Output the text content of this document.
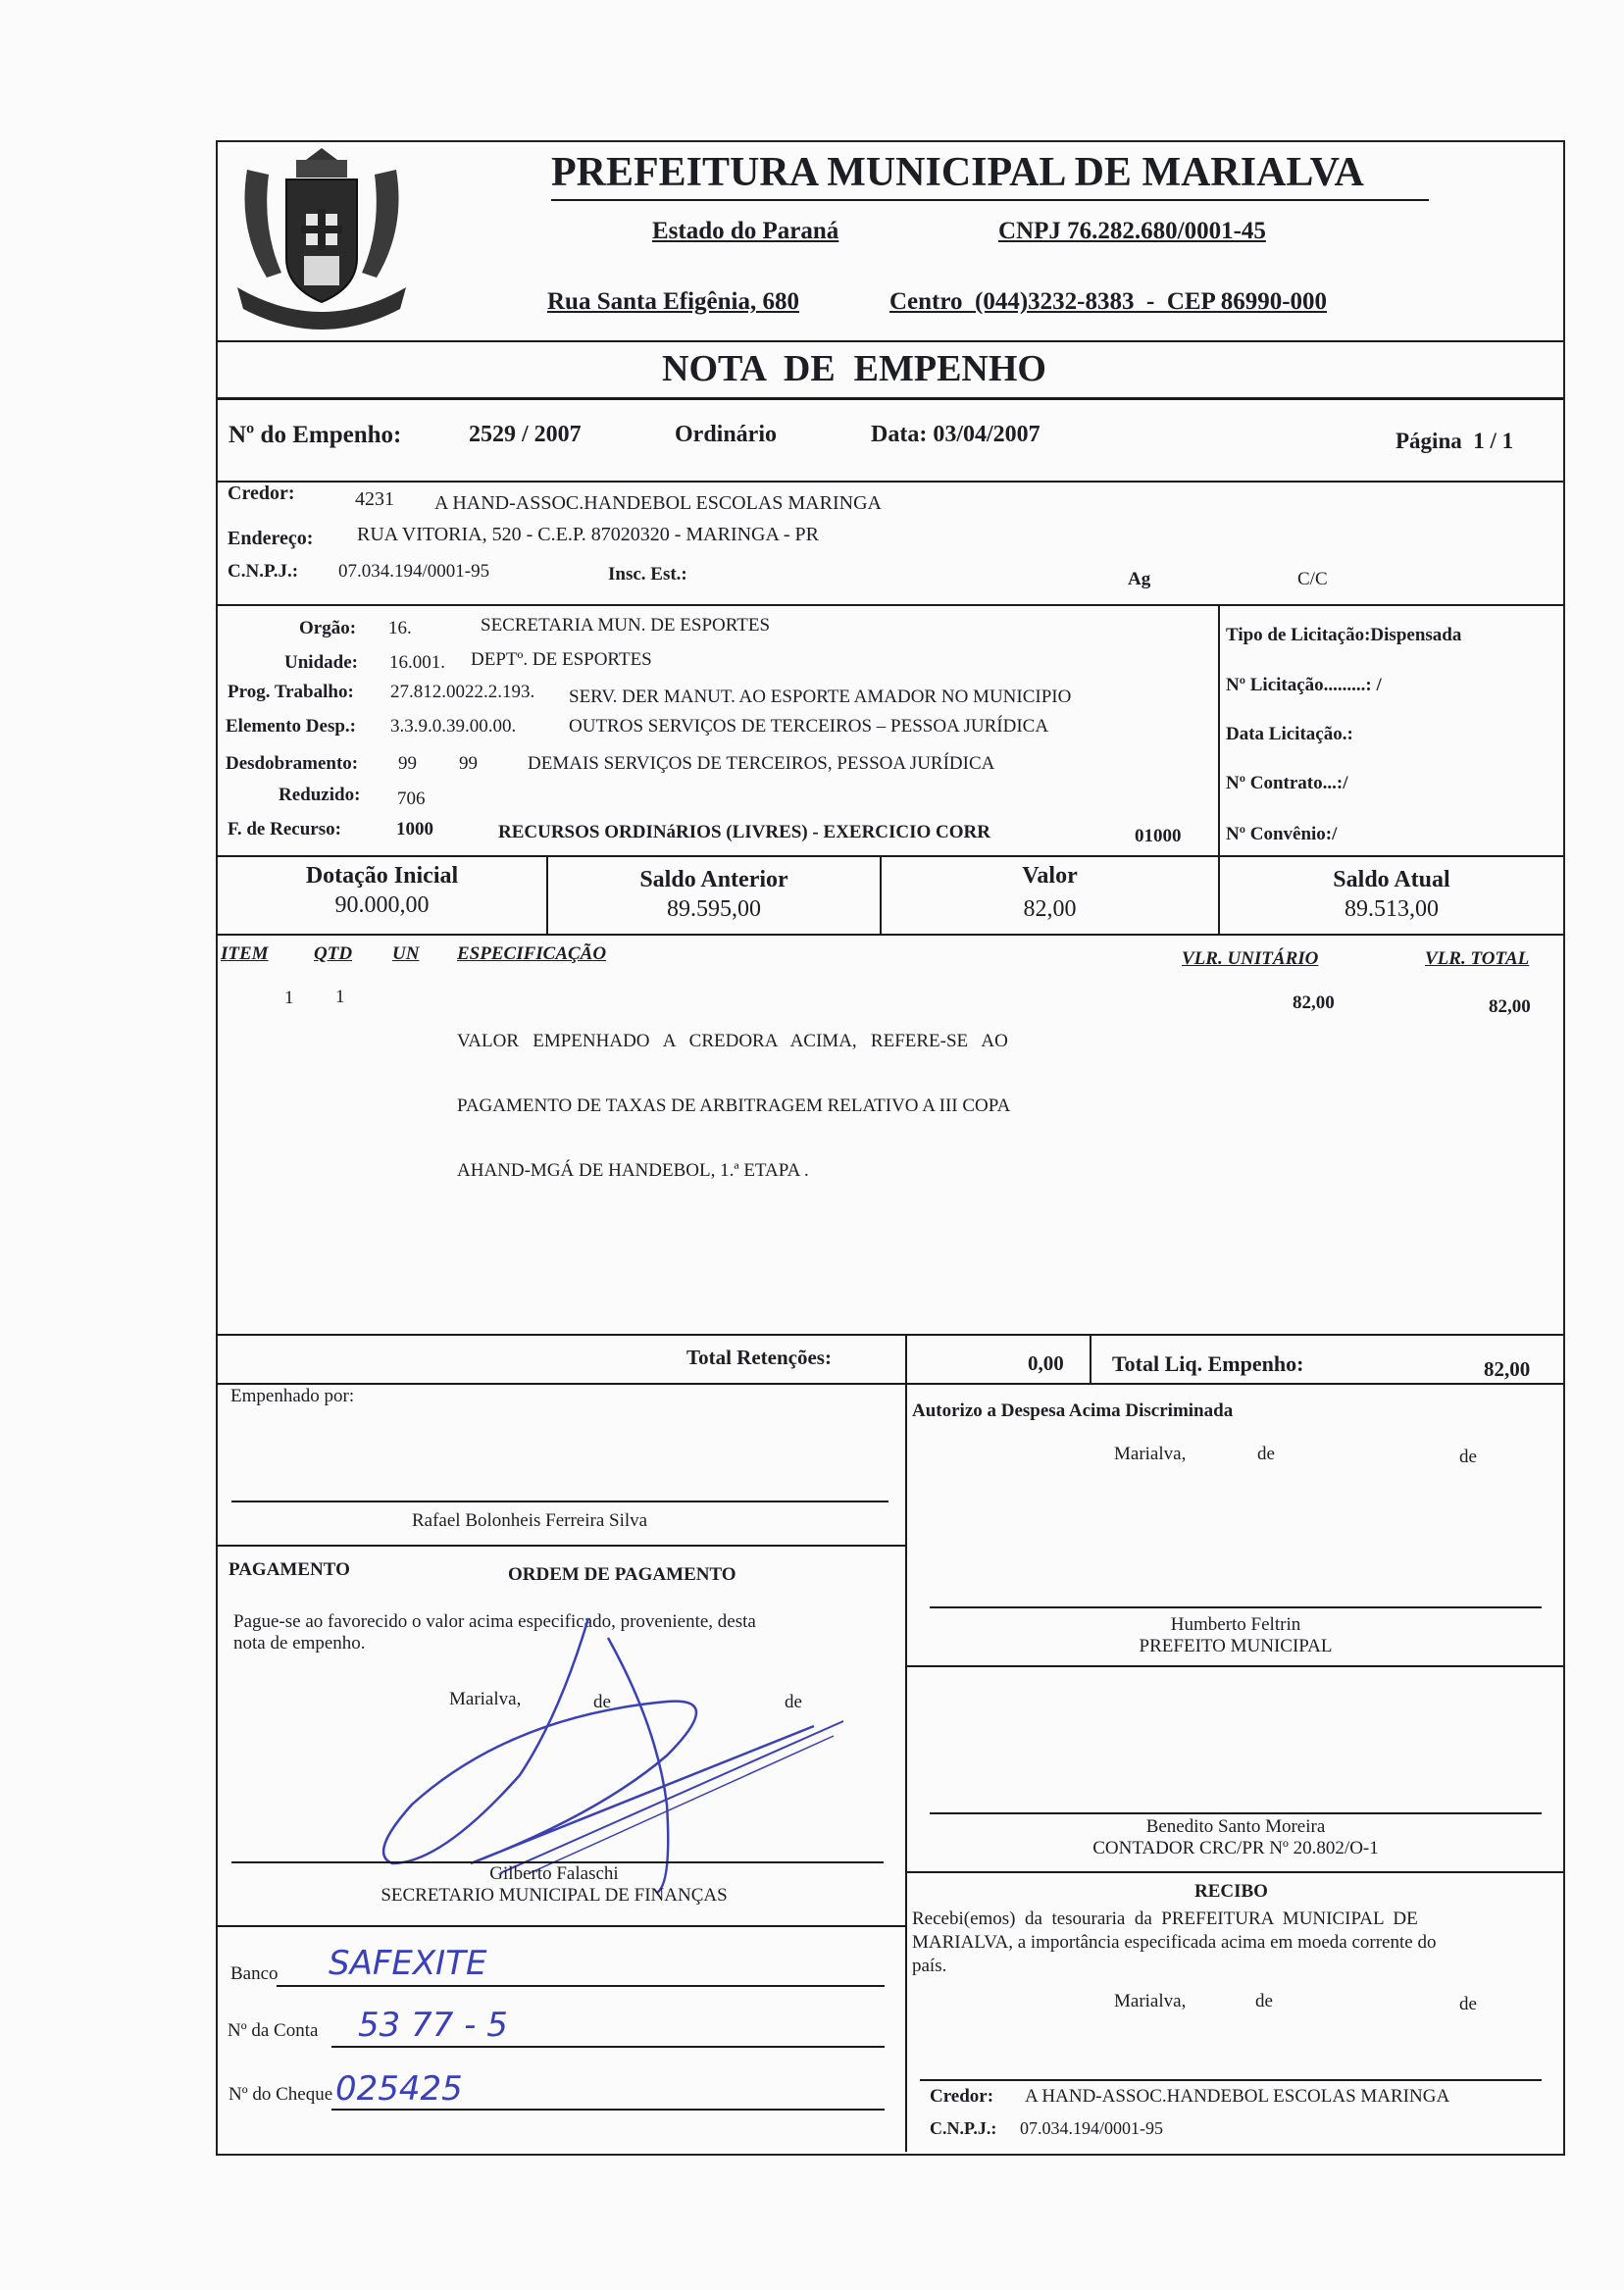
PREFEITURA MUNICIPAL DE MARIALVA
Estado do Paraná	CNPJ 76.282.680/0001-45
Rua Santa Efigênia, 680	Centro  (044)3232-8383  -  CEP 86990-000
NOTA  DE  EMPENHO
Nº do Empenho:	2529 / 2007	Ordinário	Data: 03/04/2007	Página  1 / 1
Credor:	4231 A HAND-ASSOC.HANDEBOL ESCOLAS MARINGA
Endereço: RUA VITORIA, 520 - C.E.P. 87020320 - MARINGA - PR
C.N.P.J.: 07.034.194/0001-95	Insc. Est.:	Ag	C/C
Orgão: 16.	SECRETARIA MUN. DE ESPORTES
Unidade: 16.001. DEPTº. DE ESPORTES
Prog. Trabalho: 27.812.0022.2.193. SERV. DER MANUT. AO ESPORTE AMADOR NO MUNICIPIO
Elemento Desp.: 3.3.9.0.39.00.00.	OUTROS SERVIÇOS DE TERCEIROS – PESSOA JURÍDICA
Desdobramento: 99 99	DEMAIS SERVIÇOS DE TERCEIROS, PESSOA JURÍDICA
Reduzido: 706
F. de Recurso:	1000	RECURSOS ORDINáRIOS (LIVRES) - EXERCICIO CORR	01000
Tipo de Licitação:Dispensada
Nº Licitação.........: /
Data Licitação.:
Nº Contrato...:/
Nº Convênio:/
Dotação Inicial
90.000,00
Saldo Anterior
89.595,00
Valor
82,00
Saldo Atual
89.513,00
ITEM QTD UN ESPECIFICAÇÃO	VLR. UNITÁRIO	VLR. TOTAL
1 1

VALOR   EMPENHADO   A   CREDORA   ACIMA,   REFERE-SE   AO

PAGAMENTO DE TAXAS DE ARBITRAGEM RELATIVO A III COPA

AHAND-MGÁ DE HANDEBOL, 1.ª ETAPA .

82,00	82,00
Total Retenções:	0,00 Total Liq. Empenho:	82,00
Empenhado por:
Rafael Bolonheis Ferreira Silva
Autorizo a Despesa Acima Discriminada
Marialva,	de	de
Humberto Feltrin
PREFEITO MUNICIPAL
Benedito Santo Moreira
CONTADOR CRC/PR Nº 20.802/O-1
PAGAMENTO	ORDEM DE PAGAMENTO
Pague-se ao favorecido o valor acima especificado, proveniente, desta
nota de empenho.
Marialva,	de	de
Gilberto Falaschi
SECRETARIO MUNICIPAL DE FINANÇAS
Banco SAFEXITE
Nº da Conta 53 77 - 5
Nº do Cheque 025425
RECIBO
Recebi(emos)  da  tesouraria  da  PREFEITURA  MUNICIPAL  DE
MARIALVA, a importância especificada acima em moeda corrente do
país.
Marialva,	de	de
Credor: A HAND-ASSOC.HANDEBOL ESCOLAS MARINGA
C.N.P.J.: 07.034.194/0001-95
